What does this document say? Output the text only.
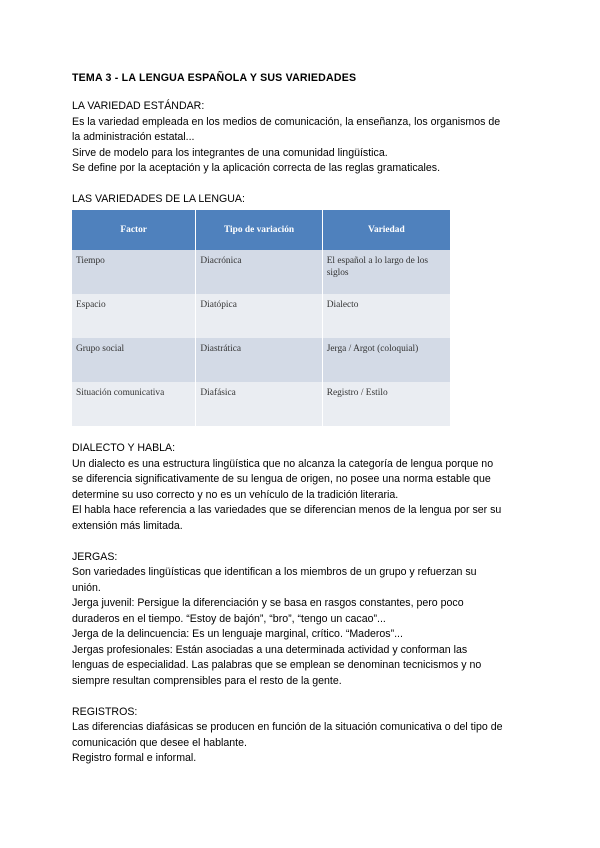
TEMA 3 - LA LENGUA ESPAÑOLA Y SUS VARIEDADES
LA VARIEDAD ESTÁNDAR:
Es la variedad empleada en los medios de comunicación, la enseñanza, los organismos de
la administración estatal...
Sirve de modelo para los integrantes de una comunidad lingüística.
Se define por la aceptación y la aplicación correcta de las reglas gramaticales.
LAS VARIEDADES DE LA LENGUA:
Factor	Tipo de variación	Variedad
Tiempo	Diacrónica	El español a lo largo de los siglos
Espacio	Diatópica	Dialecto
Grupo social	Diastrática	Jerga / Argot (coloquial)
Situación comunicativa	Diafásica	Registro / Estilo
DIALECTO Y HABLA:
Un dialecto es una estructura lingüística que no alcanza la categoría de lengua porque no
se diferencia significativamente de su lengua de origen, no posee una norma estable que
determine su uso correcto y no es un vehículo de la tradición literaria.
El habla hace referencia a las variedades que se diferencian menos de la lengua por ser su
extensión más limitada.
JERGAS:
Son variedades lingüísticas que identifican a los miembros de un grupo y refuerzan su
unión.
Jerga juvenil: Persigue la diferenciación y se basa en rasgos constantes, pero poco
duraderos en el tiempo. “Estoy de bajón”, “bro”, “tengo un cacao”...
Jerga de la delincuencia: Es un lenguaje marginal, crítico. “Maderos”...
Jergas profesionales: Están asociadas a una determinada actividad y conforman las
lenguas de especialidad. Las palabras que se emplean se denominan tecnicismos y no
siempre resultan comprensibles para el resto de la gente.
REGISTROS:
Las diferencias diafásicas se producen en función de la situación comunicativa o del tipo de
comunicación que desee el hablante.
Registro formal e informal.
